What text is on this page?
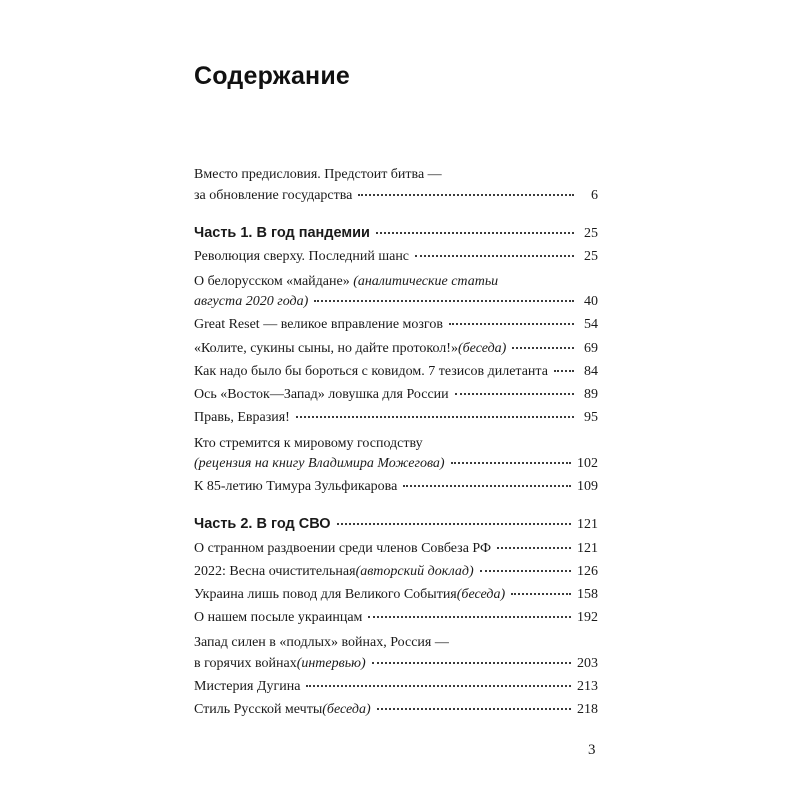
Содержание
Вместо предисловия. Предстоит битва —
за обновление государства	6
Часть 1. В год пандемии	25
Революция сверху. Последний шанс	25
О белорусском «майдане» (аналитические статьи
августа 2020 года)	40
Great Reset — великое вправление мозгов	54
«Колите, сукины сыны, но дайте протокол!» (беседа)	69
Как надо было бы бороться с ковидом. 7 тезисов дилетанта	84
Ось «Восток—Запад» ловушка для России	89
Правь, Евразия!	95
Кто стремится к мировому господству
(рецензия на книгу Владимира Можегова)	102
К 85-летию Тимура Зульфикарова	109
Часть 2. В год СВО	121
О странном раздвоении среди членов Совбеза РФ	121
2022: Весна очистительная (авторский доклад)	126
Украина лишь повод для Великого События (беседа)	158
О нашем посыле украинцам	192
Запад силен в «подлых» войнах, Россия —
в горячих войнах (интервью)	203
Мистерия Дугина	213
Стиль Русской мечты (беседа)	218
3
